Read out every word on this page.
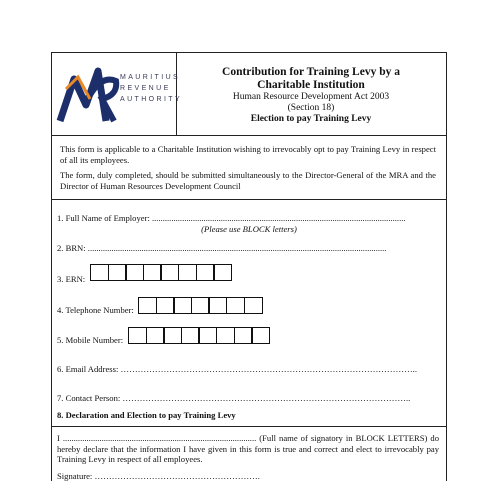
MAURITIUS
REVENUE
AUTHORITY
Contribution for Training Levy by a
Charitable Institution
Human Resource Development Act 2003
(Section 18)
Election to pay Training Levy
This form is applicable to a Charitable Institution wishing to irrevocably opt to pay Training Levy in respect of all its employees.
The form, duly completed, should be submitted simultaneously to the Director-General of the MRA and the Director of Human Resources Development Council
1. Full Name of Employer: ......................................................................................................................
(Please use BLOCK letters)
2. BRN: ...........................................................................................................................................
3. ERN:
4. Telephone Number:
5. Mobile Number:
6. Email Address: …………………………………………………………………………………………..
7. Contact Person: ………………………………………………………………………………………..
8. Declaration and Election to pay Training Levy
I .......................................................................................... (Full name of signatory in BLOCK LETTERS) do hereby declare that the information I have given in this form is true and correct and elect to irrevocably pay Training Levy in respect of all employees.
Signature: ………………………………………………….
